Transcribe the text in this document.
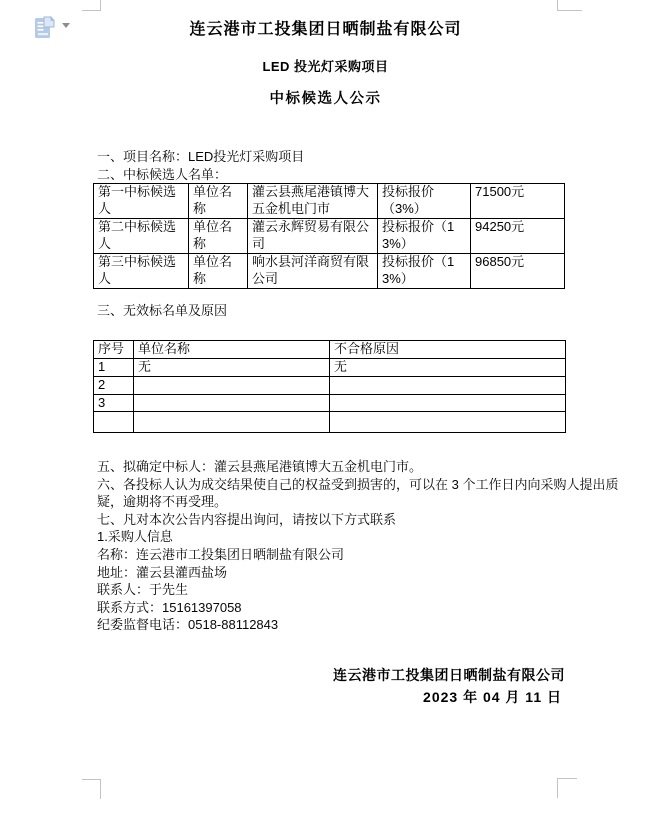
连云港市工投集团日晒制盐有限公司
LED 投光灯采购项目
中标候选人公示
一、项目名称：LED投光灯采购项目
二、中标候选人名单：
第一中标候选人	单位名称	灌云县燕尾港镇博大五金机电门市	投标报价（3%）	71500元
第二中标候选人	单位名称	灌云永辉贸易有限公司	投标报价（13%）	94250元
第三中标候选人	单位名称	响水县河洋商贸有限公司	投标报价（13%）	96850元
三、无效标名单及原因
序号	单位名称	不合格原因
1	无	无
2		
3		

五、拟确定中标人：灌云县燕尾港镇博大五金机电门市。
六、各投标人认为成交结果使自己的权益受到损害的，可以在 3 个工作日内向采购人提出质
疑，逾期将不再受理。
七、凡对本次公告内容提出询问，请按以下方式联系
1.采购人信息
名称：连云港市工投集团日晒制盐有限公司
地址：灌云县灌西盐场
联系人：于先生
联系方式：15161397058
纪委监督电话：0518-88112843
连云港市工投集团日晒制盐有限公司
2023 年 04 月 11 日
